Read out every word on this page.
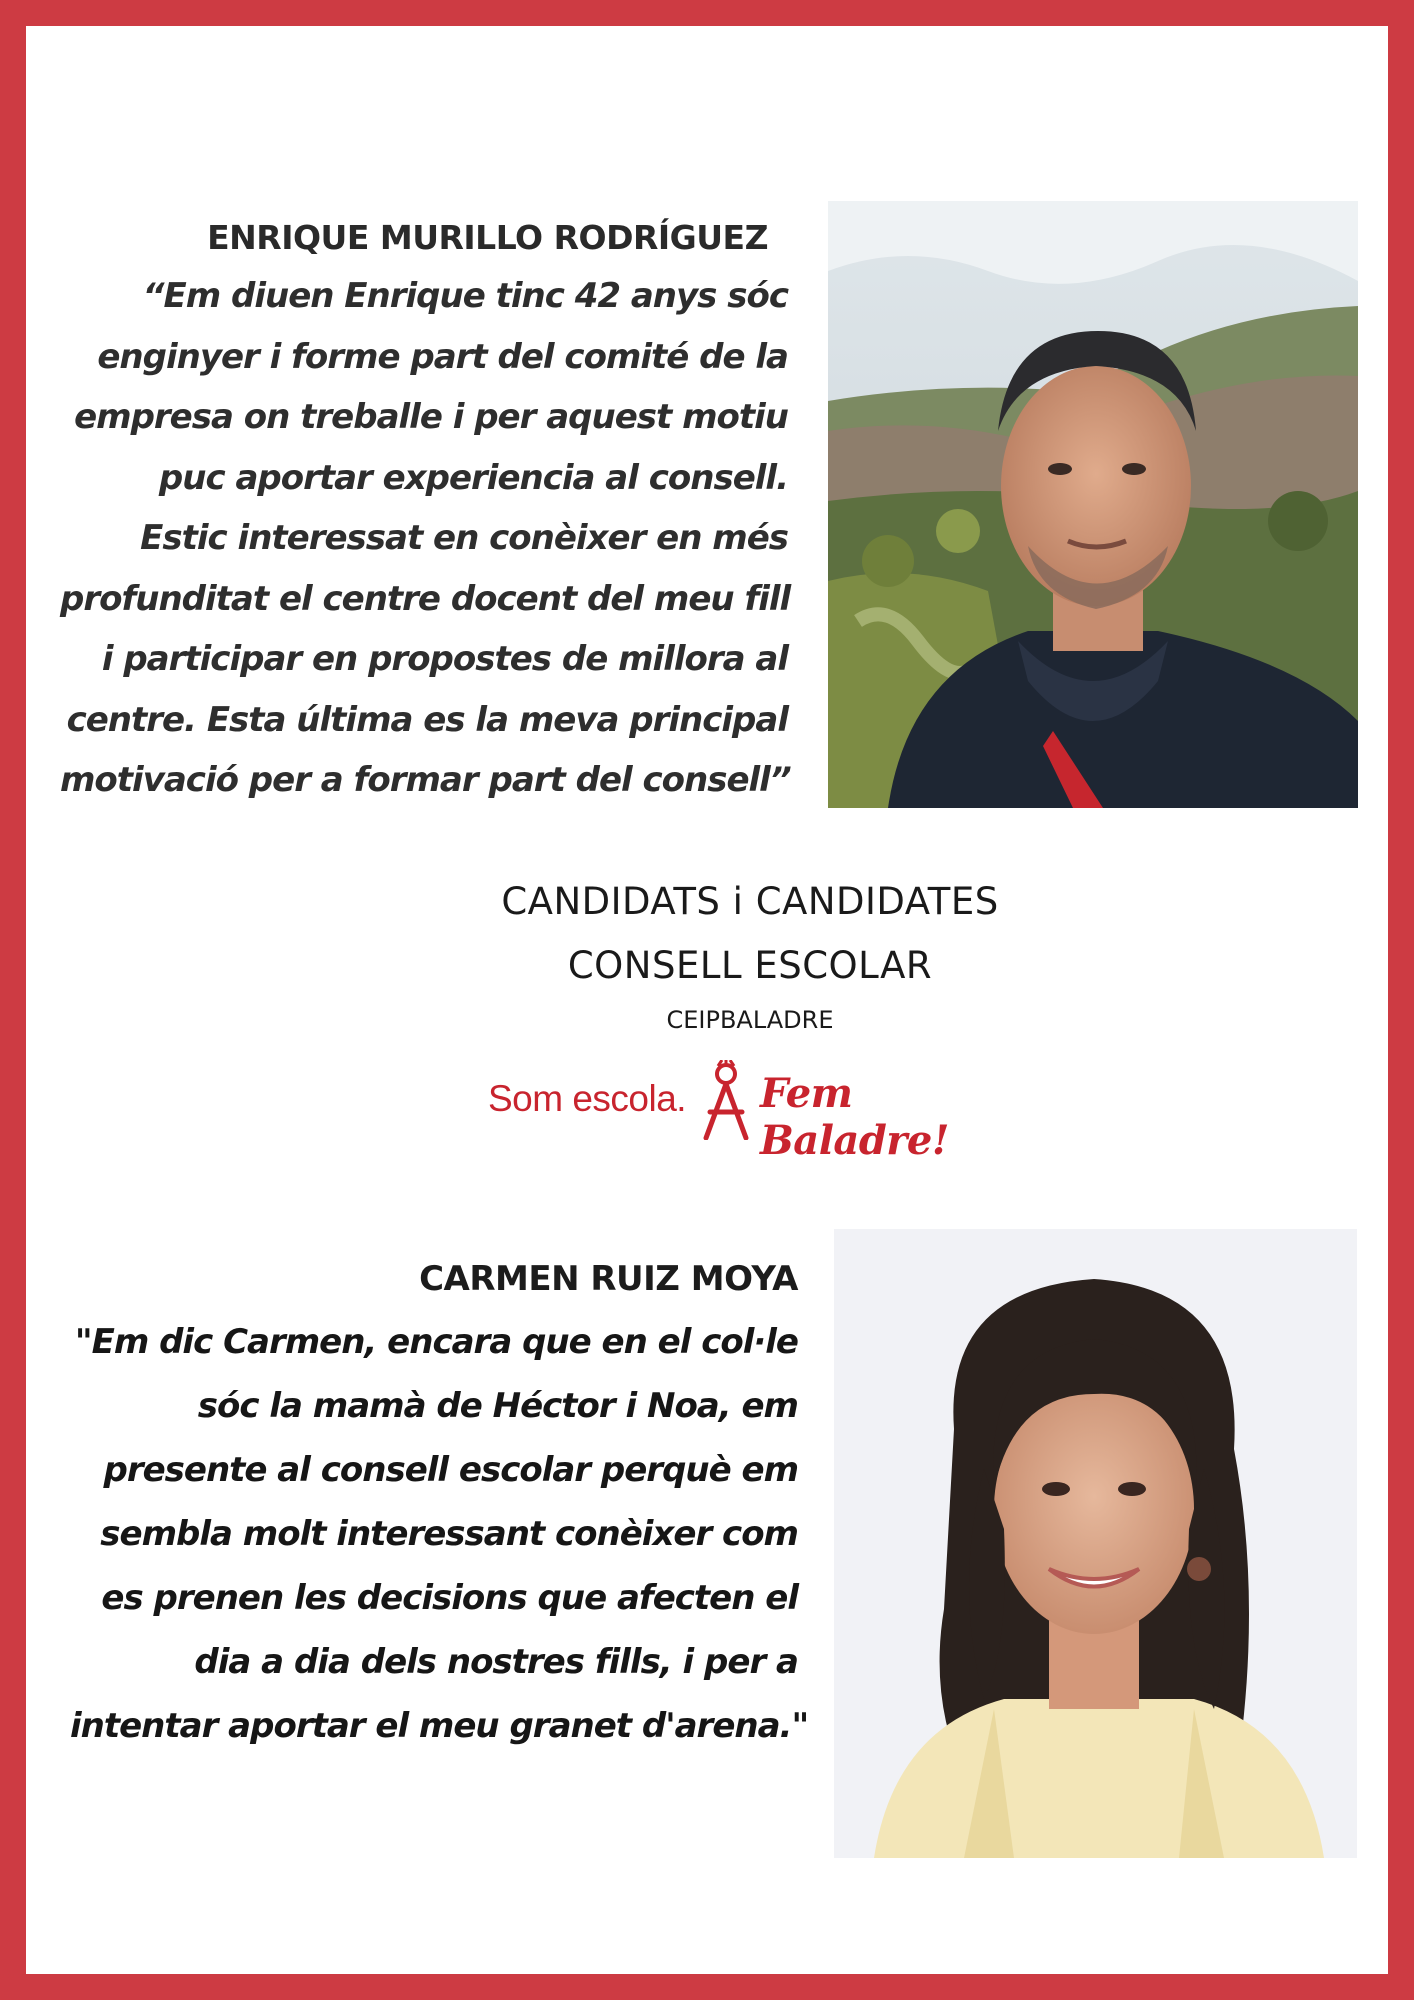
ENRIQUE MURILLO RODRÍGUEZ
“Em diuen Enrique tinc 42 anys sóc
enginyer i forme part del comité de la
empresa on treballe i per aquest motiu
puc aportar experiencia al consell.
Estic interessat en conèixer en més
profunditat el centre docent del meu fill
i participar en propostes de millora al
centre. Esta última es la meva principal
motivació per a formar part del consell”
CANDIDATS i CANDIDATES
CONSELL ESCOLAR
CEIPBALADRE
Som escola. Fem Baladre!
CARMEN RUIZ MOYA
"Em dic Carmen, encara que en el col·le
sóc la mamà de Héctor i Noa, em
presente al consell escolar perquè em
sembla molt interessant conèixer com
es prenen les decisions que afecten el
dia a dia dels nostres fills, i per a
intentar aportar el meu granet d'arena."
